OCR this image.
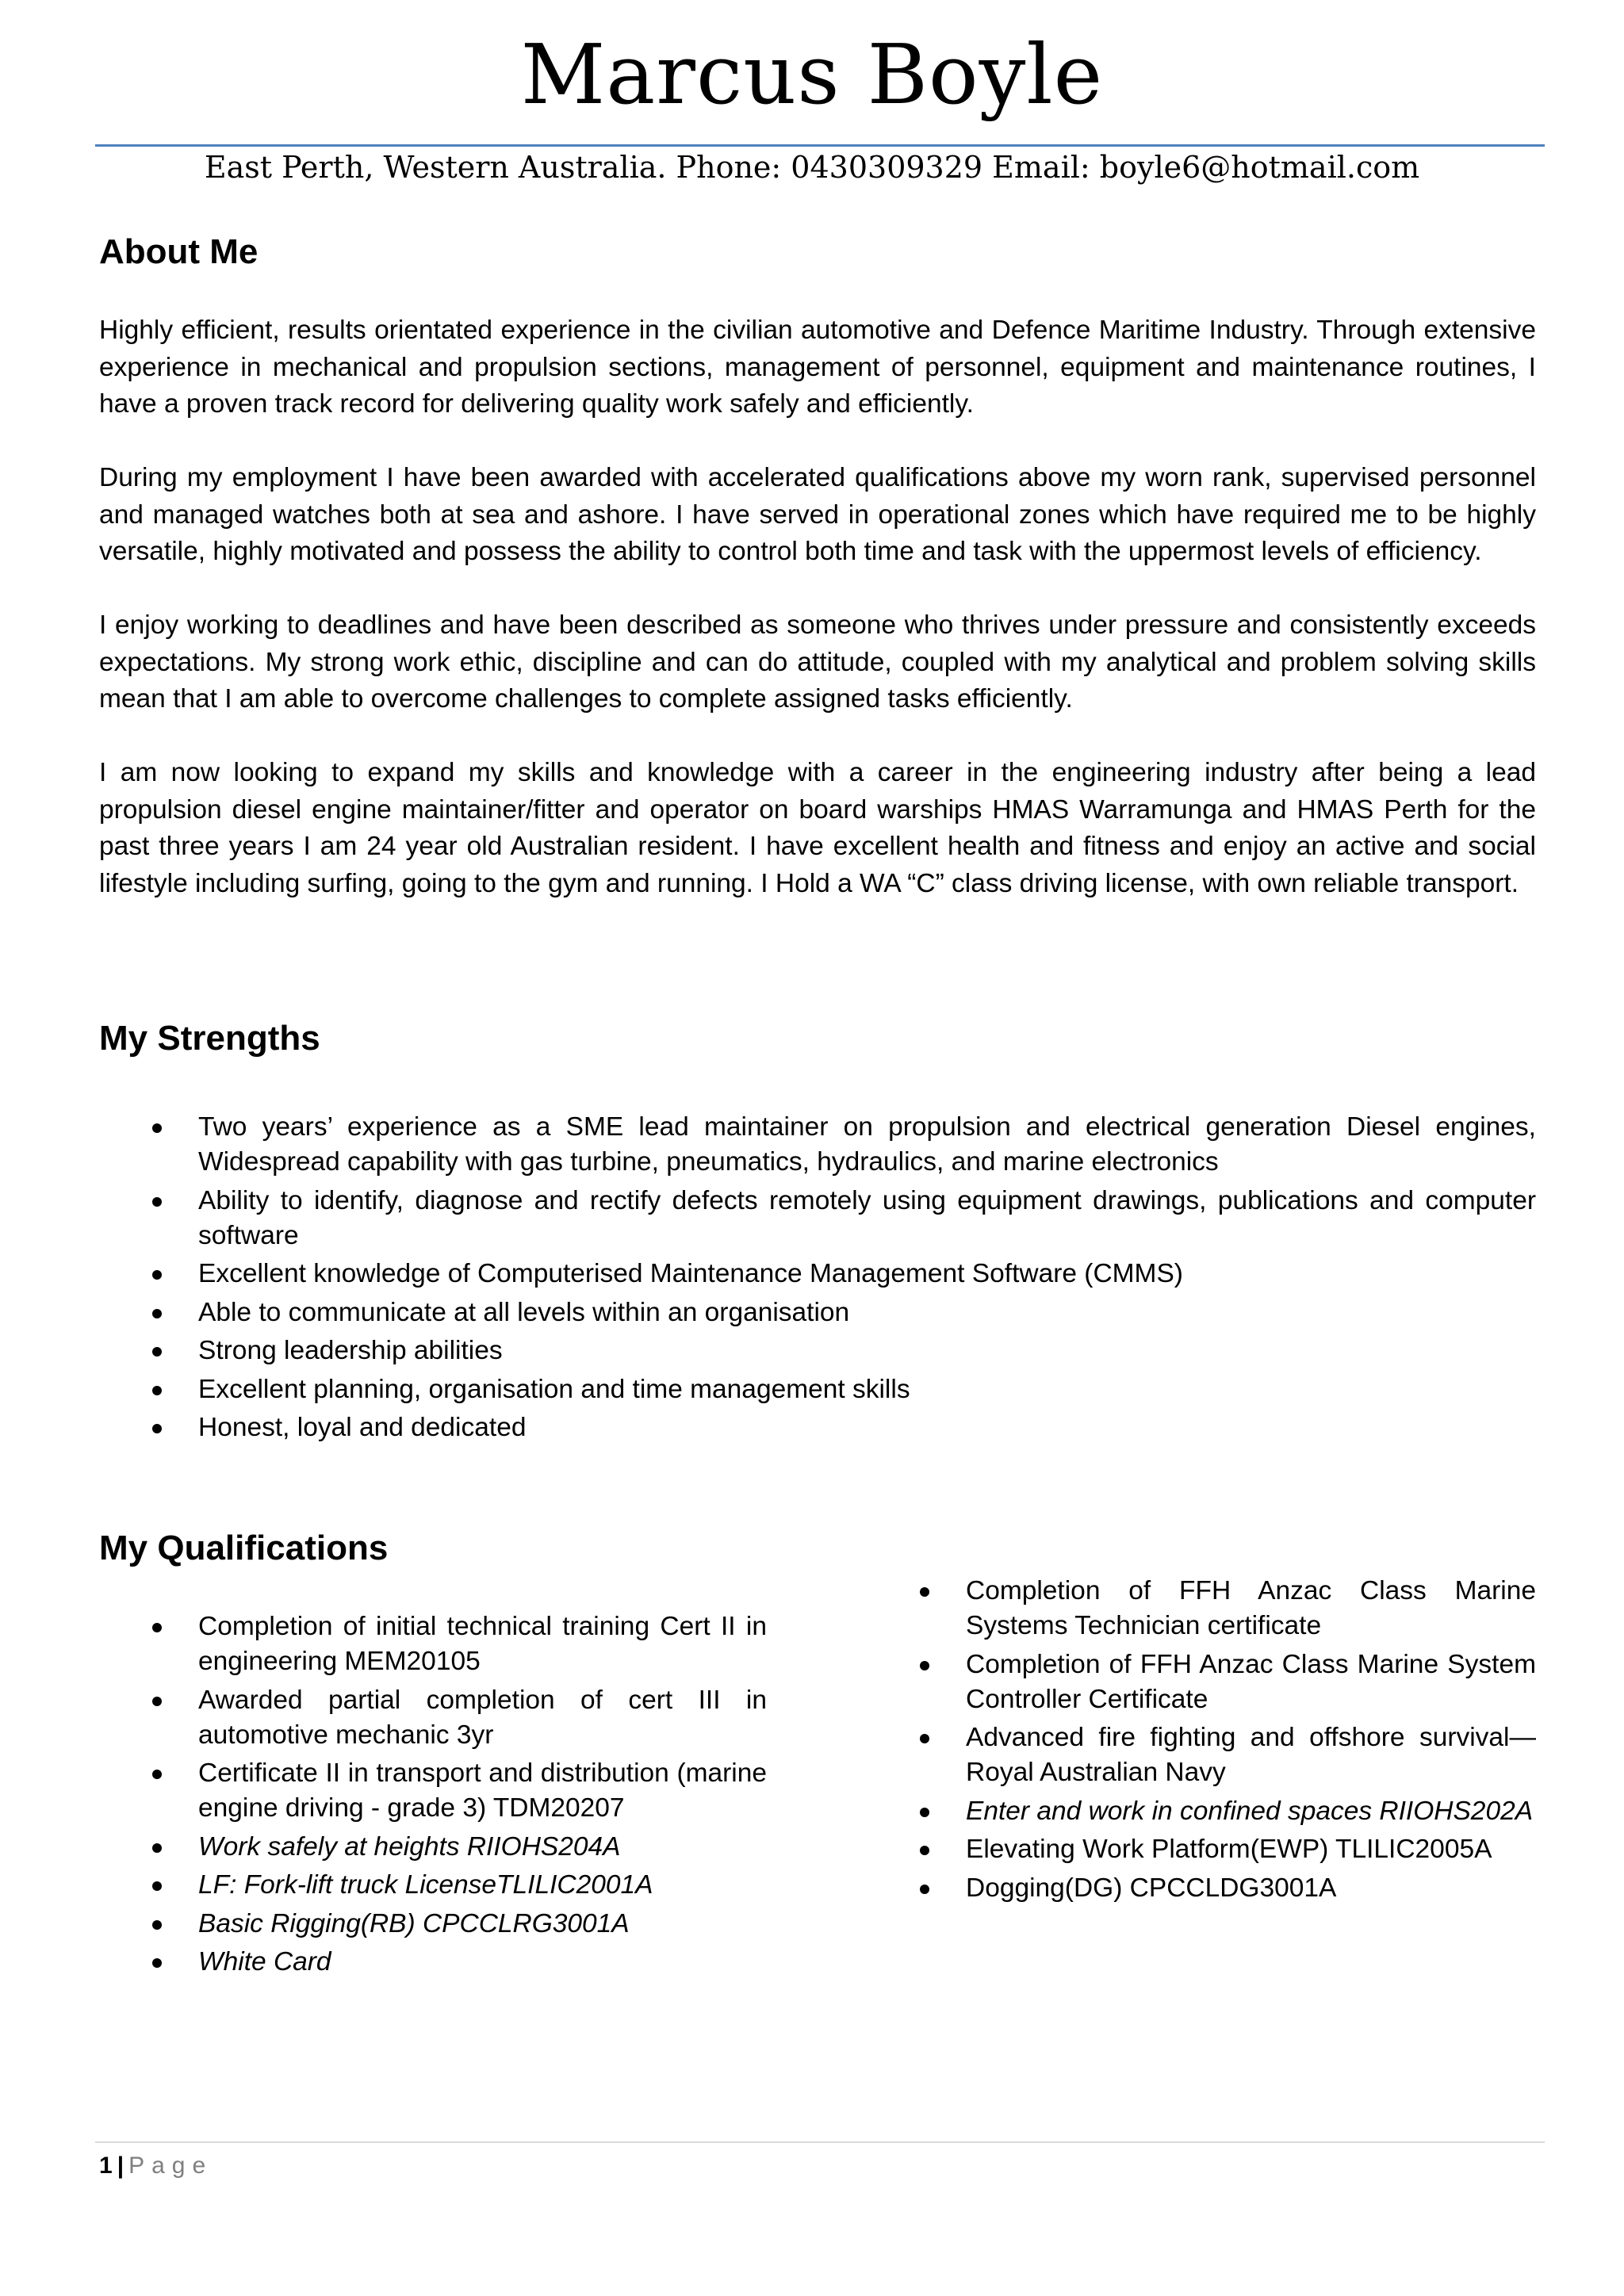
Marcus Boyle
East Perth, Western Australia. Phone: 0430309329 Email: boyle6@hotmail.com
About Me

Highly efficient, results orientated experience in the civilian automotive and Defence Maritime Industry. Through extensive experience in mechanical and propulsion sections, management of personnel, equipment and maintenance routines, I have a proven track record for delivering quality work safely and efficiently.

During my employment I have been awarded with accelerated qualifications above my worn rank, supervised personnel and managed watches both at sea and ashore. I have served in operational zones which have required me to be highly versatile, highly motivated and possess the ability to control both time and task with the uppermost levels of efficiency.

I enjoy working to deadlines and have been described as someone who thrives under pressure and consistently exceeds expectations. My strong work ethic, discipline and can do attitude, coupled with my analytical and problem solving skills mean that I am able to overcome challenges to complete assigned tasks efficiently.

I am now looking to expand my skills and knowledge with a career in the engineering industry after being a lead propulsion diesel engine maintainer/fitter and operator on board warships HMAS Warramunga and HMAS Perth for the past three years I am 24 year old Australian resident. I have excellent health and fitness and enjoy an active and social lifestyle including surfing, going to the gym and running. I Hold a WA “C” class driving license, with own reliable transport.

My Strengths
Two years’ experience as a SME lead maintainer on propulsion and electrical generation Diesel engines, Widespread capability with gas turbine, pneumatics, hydraulics, and marine electronics
Ability to identify, diagnose and rectify defects remotely using equipment drawings, publications and computer software
Excellent knowledge of Computerised Maintenance Management Software (CMMS)
Able to communicate at all levels within an organisation
Strong leadership abilities
Excellent planning, organisation and time management skills
Honest, loyal and dedicated
My Qualifications
Completion of initial technical training Cert II in engineering MEM20105
Awarded partial completion of cert III in automotive mechanic 3yr
Certificate II in transport and distribution (marine engine driving - grade 3) TDM20207
Work safely at heights RIIOHS204A
LF: Fork-lift truck LicenseTLILIC2001A
Basic Rigging(RB) CPCCLRG3001A
White Card
Completion of FFH Anzac Class Marine Systems Technician certificate
Completion of FFH Anzac Class Marine System Controller Certificate
Advanced fire fighting and offshore survival—Royal Australian Navy
Enter and work in confined spaces RIIOHS202A
Elevating Work Platform(EWP) TLILIC2005A
Dogging(DG) CPCCLDG3001A
1 | Page
